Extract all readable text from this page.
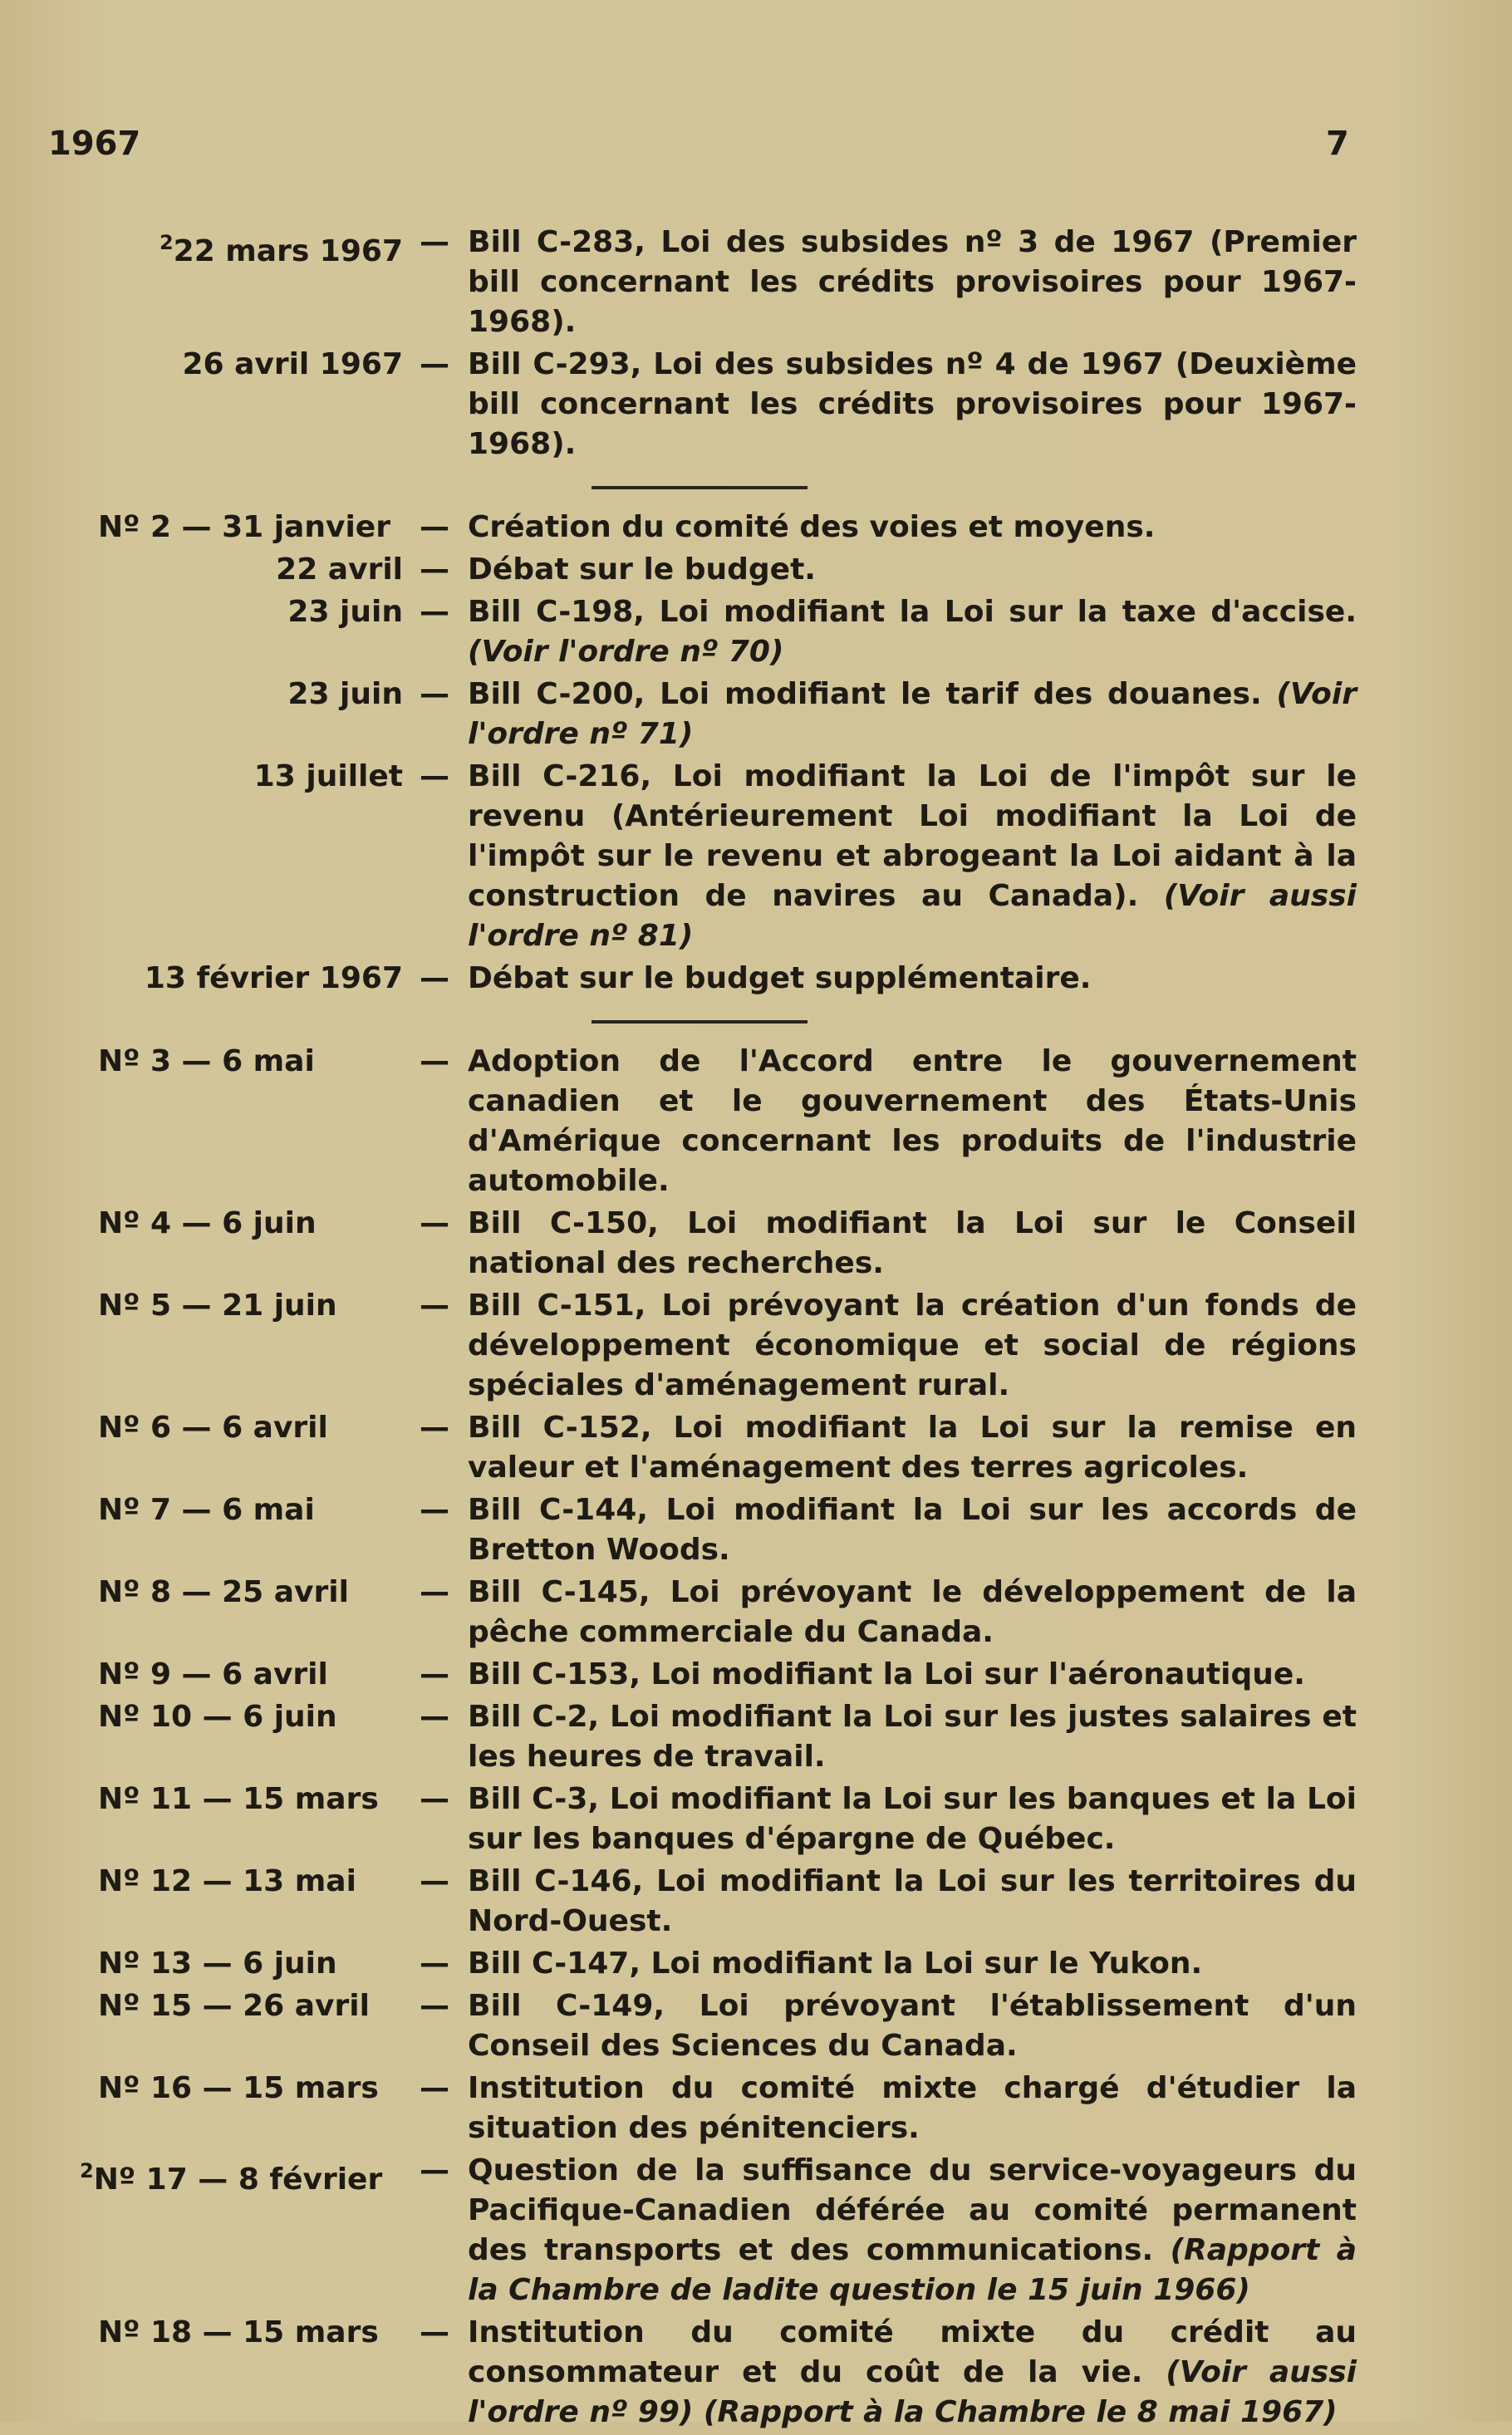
1967	7
$^2$22 mars 1967 — Bill C-283, Loi des subsides nº 3 de 1967 (Premier bill concernant les crédits provisoires pour 1967-1968).
26 avril 1967 — Bill C-293, Loi des subsides nº 4 de 1967 (Deuxième bill concernant les crédits provisoires pour 1967-1968).
Nº 2 — 31 janvier — Création du comité des voies et moyens.
22 avril — Débat sur le budget.
23 juin — Bill C-198, Loi modifiant la Loi sur la taxe d'accise. (Voir l'ordre nº 70)
23 juin — Bill C-200, Loi modifiant le tarif des douanes. (Voir l'ordre nº 71)
13 juillet — Bill C-216, Loi modifiant la Loi de l'impôt sur le revenu (Antérieurement Loi modifiant la Loi de l'impôt sur le revenu et abrogeant la Loi aidant à la construction de navires au Canada). (Voir aussi l'ordre nº 81)
13 février 1967 — Débat sur le budget supplémentaire.
Nº 3 — 6 mai	— Adoption de l'Accord entre le gouvernement canadien et le gouvernement des États-Unis d'Amérique concernant les produits de l'industrie automobile.
Nº 4 — 6 juin	— Bill C-150, Loi modifiant la Loi sur le Conseil national des recherches.
Nº 5 — 21 juin	— Bill C-151, Loi prévoyant la création d'un fonds de développement économique et social de régions spéciales d'aménagement rural.
Nº 6 — 6 avril	— Bill C-152, Loi modifiant la Loi sur la remise en valeur et l'aménagement des terres agricoles.
Nº 7 — 6 mai	— Bill C-144, Loi modifiant la Loi sur les accords de Bretton Woods.
Nº 8 — 25 avril — Bill C-145, Loi prévoyant le développement de la pêche commerciale du Canada.
Nº 9 — 6 avril	— Bill C-153, Loi modifiant la Loi sur l'aéronautique.
Nº 10 — 6 juin	— Bill C-2, Loi modifiant la Loi sur les justes salaires et les heures de travail.
Nº 11 — 15 mars — Bill C-3, Loi modifiant la Loi sur les banques et la Loi sur les banques d'épargne de Québec.
Nº 12 — 13 mai — Bill C-146, Loi modifiant la Loi sur les territoires du Nord-Ouest.
Nº 13 — 6 juin	— Bill C-147, Loi modifiant la Loi sur le Yukon.
Nº 15 — 26 avril — Bill C-149, Loi prévoyant l'établissement d'un Conseil des Sciences du Canada.
Nº 16 — 15 mars — Institution du comité mixte chargé d'étudier la situation des pénitenciers.
$^2$Nº 17 — 8 février — Question de la suffisance du service-voyageurs du Pacifique-Canadien déférée au comité permanent des transports et des communications. (Rapport à la Chambre de ladite question le 15 juin 1966)
Nº 18 — 15 mars — Institution du comité mixte du crédit au consommateur et du coût de la vie. (Voir aussi l'ordre nº 99) (Rapport à la Chambre le 8 mai 1967)
